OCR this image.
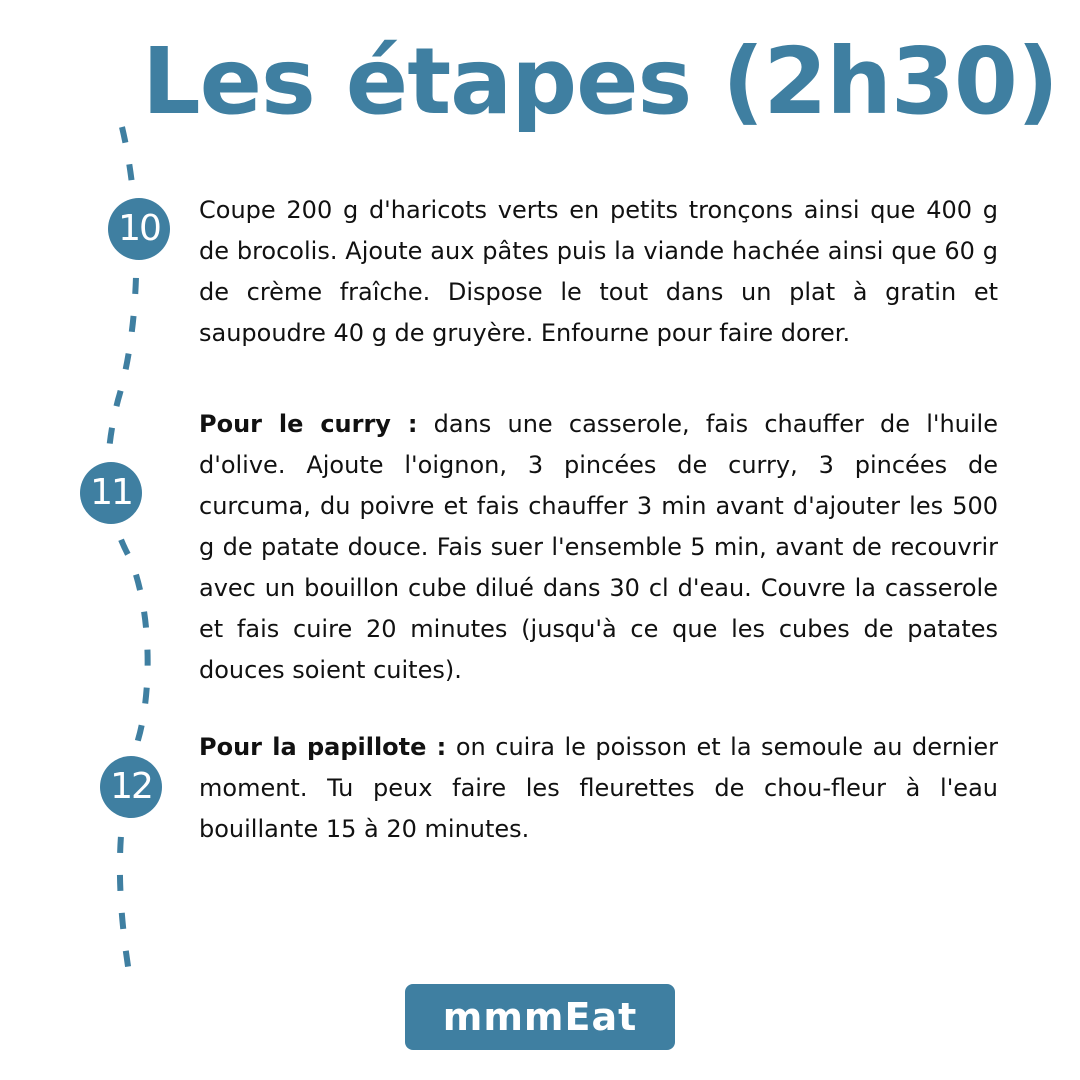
Les étapes (2h30)
10
11
12

Coupe 200 g d'haricots verts en petits tronçons ainsi que 400 g de brocolis. Ajoute aux pâtes puis la viande hachée ainsi que 60 g de crème fraîche. Dispose le tout dans un plat à gratin et saupoudre 40 g de gruyère. Enfourne pour faire dorer.

Pour le curry : dans une casserole, fais chauffer de l'huile d'olive. Ajoute l'oignon, 3 pincées de curry, 3 pincées de curcuma, du poivre et fais chauffer 3 min avant d'ajouter les 500 g de patate douce. Fais suer l'ensemble 5 min, avant de recouvrir avec un bouillon cube dilué dans 30 cl d'eau. Couvre la casserole et fais cuire 20 minutes (jusqu'à ce que les cubes de patates douces soient cuites).

Pour la papillote : on cuira le poisson et la semoule au dernier moment. Tu peux faire les fleurettes de chou-fleur à l'eau bouillante 15 à 20 minutes.

mmmEat
